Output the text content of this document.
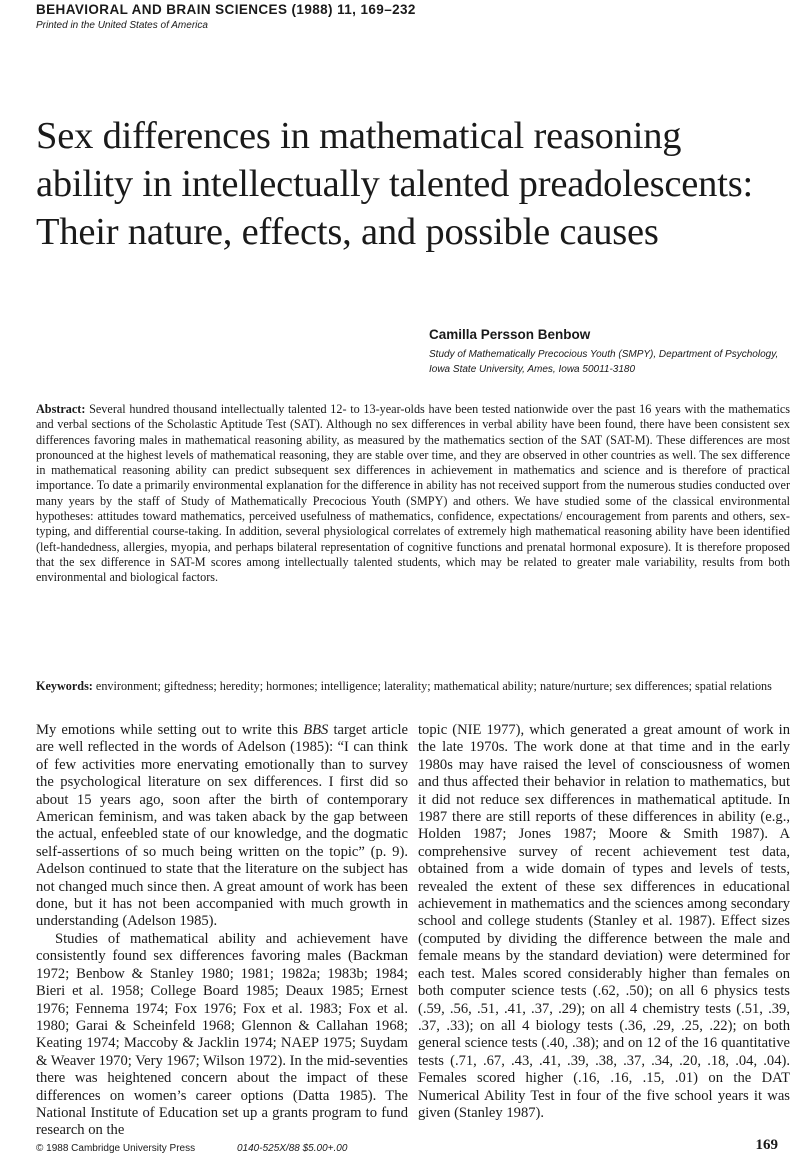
BEHAVIORAL AND BRAIN SCIENCES (1988) 11, 169–232
Printed in the United States of America
Sex differences in mathematical reasoning ability in intellectually talented preadolescents: Their nature, effects, and possible causes
Camilla Persson Benbow
Study of Mathematically Precocious Youth (SMPY), Department of Psychology, Iowa State University, Ames, Iowa 50011-3180

Abstract: Several hundred thousand intellectually talented 12- to 13-year-olds have been tested nationwide over the past 16 years with the mathematics and verbal sections of the Scholastic Aptitude Test (SAT). Although no sex differences in verbal ability have been found, there have been consistent sex differences favoring males in mathematical reasoning ability, as measured by the mathematics section of the SAT (SAT-M). These differences are most pronounced at the highest levels of mathematical reasoning, they are stable over time, and they are observed in other countries as well. The sex difference in mathematical reasoning ability can predict subsequent sex differences in achievement in mathematics and science and is therefore of practical importance. To date a primarily environmental explanation for the difference in ability has not received support from the numerous studies conducted over many years by the staff of Study of Mathematically Precocious Youth (SMPY) and others. We have studied some of the classical environmental hypotheses: attitudes toward mathematics, perceived usefulness of mathematics, confidence, expectations/ encouragement from parents and others, sex-typing, and differential course-taking. In addition, several physiological correlates of extremely high mathematical reasoning ability have been identified (left-handedness, allergies, myopia, and perhaps bilateral representation of cognitive functions and prenatal hormonal exposure). It is therefore proposed that the sex difference in SAT-M scores among intellectually talented students, which may be related to greater male variability, results from both environmental and biological factors.

Keywords: environment; giftedness; heredity; hormones; intelligence; laterality; mathematical ability; nature/nurture; sex differences; spatial relations

My emotions while setting out to write this BBS target article are well reflected in the words of Adelson (1985): “I can think of few activities more enervating emotionally than to survey the psychological literature on sex differences. I first did so about 15 years ago, soon after the birth of contemporary American feminism, and was taken aback by the gap between the actual, enfeebled state of our knowledge, and the dogmatic self-assertions of so much being written on the topic” (p. 9). Adelson continued to state that the literature on the subject has not changed much since then. A great amount of work has been done, but it has not been accompanied with much growth in understanding (Adelson 1985).

Studies of mathematical ability and achievement have consistently found sex differences favoring males (Backman 1972; Benbow & Stanley 1980; 1981; 1982a; 1983b; 1984; Bieri et al. 1958; College Board 1985; Deaux 1985; Ernest 1976; Fennema 1974; Fox 1976; Fox et al. 1983; Fox et al. 1980; Garai & Scheinfeld 1968; Glennon & Callahan 1968; Keating 1974; Maccoby & Jacklin 1974; NAEP 1975; Suydam & Weaver 1970; Very 1967; Wilson 1972). In the mid-seventies there was heightened concern about the impact of these differences on women’s career options (Datta 1985). The National Institute of Education set up a grants program to fund research on the

topic (NIE 1977), which generated a great amount of work in the late 1970s. The work done at that time and in the early 1980s may have raised the level of consciousness of women and thus affected their behavior in relation to mathematics, but it did not reduce sex differences in mathematical aptitude. In 1987 there are still reports of these differences in ability (e.g., Holden 1987; Jones 1987; Moore & Smith 1987). A comprehensive survey of recent achievement test data, obtained from a wide domain of types and levels of tests, revealed the extent of these sex differences in educational achievement in mathematics and the sciences among secondary school and college students (Stanley et al. 1987). Effect sizes (computed by dividing the difference between the male and female means by the standard deviation) were determined for each test. Males scored considerably higher than females on both computer science tests (.62, .50); on all 6 physics tests (.59, .56, .51, .41, .37, .29); on all 4 chemistry tests (.51, .39, .37, .33); on all 4 biology tests (.36, .29, .25, .22); on both general science tests (.40, .38); and on 12 of the 16 quantitative tests (.71, .67, .43, .41, .39, .38, .37, .34, .20, .18, .04, .04). Females scored higher (.16, .16, .15, .01) on the DAT Numerical Ability Test in four of the five school years it was given (Stanley 1987).

© 1988 Cambridge University Press	0140-525X/88 $5.00+.00	169
